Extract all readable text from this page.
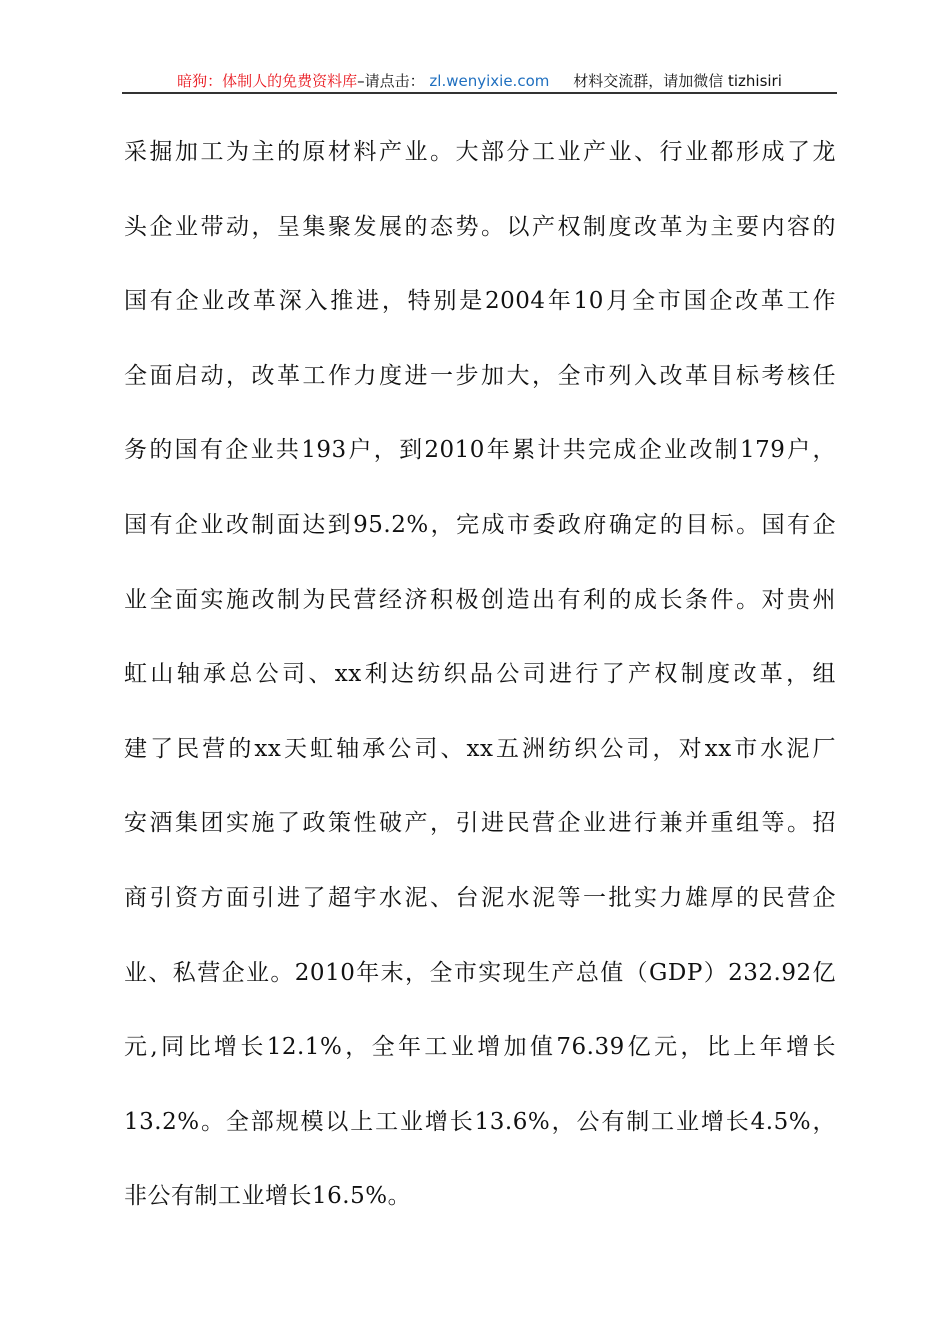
暗狗：体制人的免费资料库–请点击： zl.wenyixie.com 材料交流群，请加微信 tizhisiri
采掘加工为主的原材料产业。大部分工业产业、行业都形成了龙
头企业带动，呈集聚发展的态势。以产权制度改革为主要内容的
国有企业改革深入推进，特别是2004年10月全市国企改革工作
全面启动，改革工作力度进一步加大，全市列入改革目标考核任
务的国有企业共193户，到2010年累计共完成企业改制179户，
国有企业改制面达到95.2%，完成市委政府确定的目标。国有企
业全面实施改制为民营经济积极创造出有利的成长条件。对贵州
虹山轴承总公司、xx利达纺织品公司进行了产权制度改革，组
建了民营的xx天虹轴承公司、xx五洲纺织公司，对xx市水泥厂
安酒集团实施了政策性破产，引进民营企业进行兼并重组等。招
商引资方面引进了超宇水泥、台泥水泥等一批实力雄厚的民营企
业、私营企业。2010年末，全市实现生产总值（GDP）232.92亿
元,同比增长12.1%，全年工业增加值76.39亿元，比上年增长
13.2%。全部规模以上工业增长13.6%，公有制工业增长4.5%，
非公有制工业增长16.5%。
